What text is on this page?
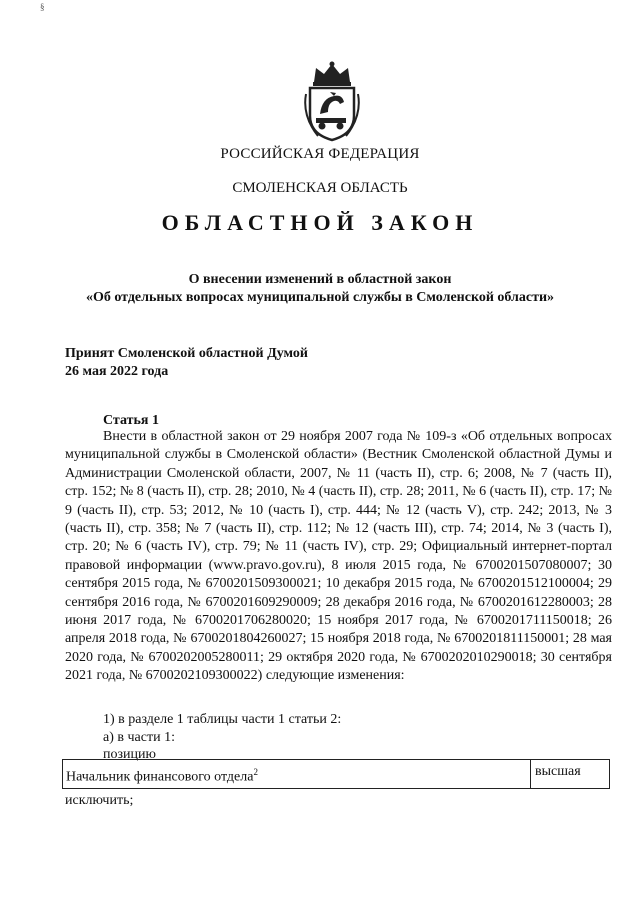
§
РОССИЙСКАЯ ФЕДЕРАЦИЯ
СМОЛЕНСКАЯ ОБЛАСТЬ
ОБЛАСТНОЙ ЗАКОН
О внесении изменений в областной закон
«Об отдельных вопросах муниципальной службы в Смоленской области»
Принят Смоленской областной Думой
26 мая 2022 года
Статья 1

Внести в областной закон от 29 ноября 2007 года № 109-з «Об отдельных вопросах муниципальной службы в Смоленской области» (Вестник Смоленской областной Думы и Администрации Смоленской области, 2007, № 11 (часть II), стр. 6; 2008, № 7 (часть II), стр. 152; № 8 (часть II), стр. 28; 2010, № 4 (часть II), стр. 28; 2011, № 6 (часть II), стр. 17; № 9 (часть II), стр. 53; 2012, № 10 (часть I), стр. 444; № 12 (часть V), стр. 242; 2013, № 3 (часть II), стр. 358; № 7 (часть II), стр. 112; № 12 (часть III), стр. 74; 2014, № 3 (часть I), стр. 20; № 6 (часть IV), стр. 79; № 11 (часть IV), стр. 29; Официальный интернет-портал правовой информации (www.pravo.gov.ru), 8 июля 2015 года, № 6700201507080007; 30 сентября 2015 года, № 6700201509300021; 10 декабря 2015 года, № 6700201512100004; 29 сентября 2016 года, № 6700201609290009; 28 декабря 2016 года, № 6700201612280003; 28 июня 2017 года, № 6700201706280020; 15 ноября 2017 года, № 6700201711150018; 26 апреля 2018 года, № 6700201804260027; 15 ноября 2018 года, № 6700201811150001; 28 мая 2020 года, № 6700202005280011; 29 октября 2020 года, № 6700202010290018; 30 сентября 2021 года, № 6700202109300022) следующие изменения:

1) в разделе 1 таблицы части 1 статьи 2:
а) в части 1:
позицию
Начальник финансового отдела$^2$	высшая
исключить;
